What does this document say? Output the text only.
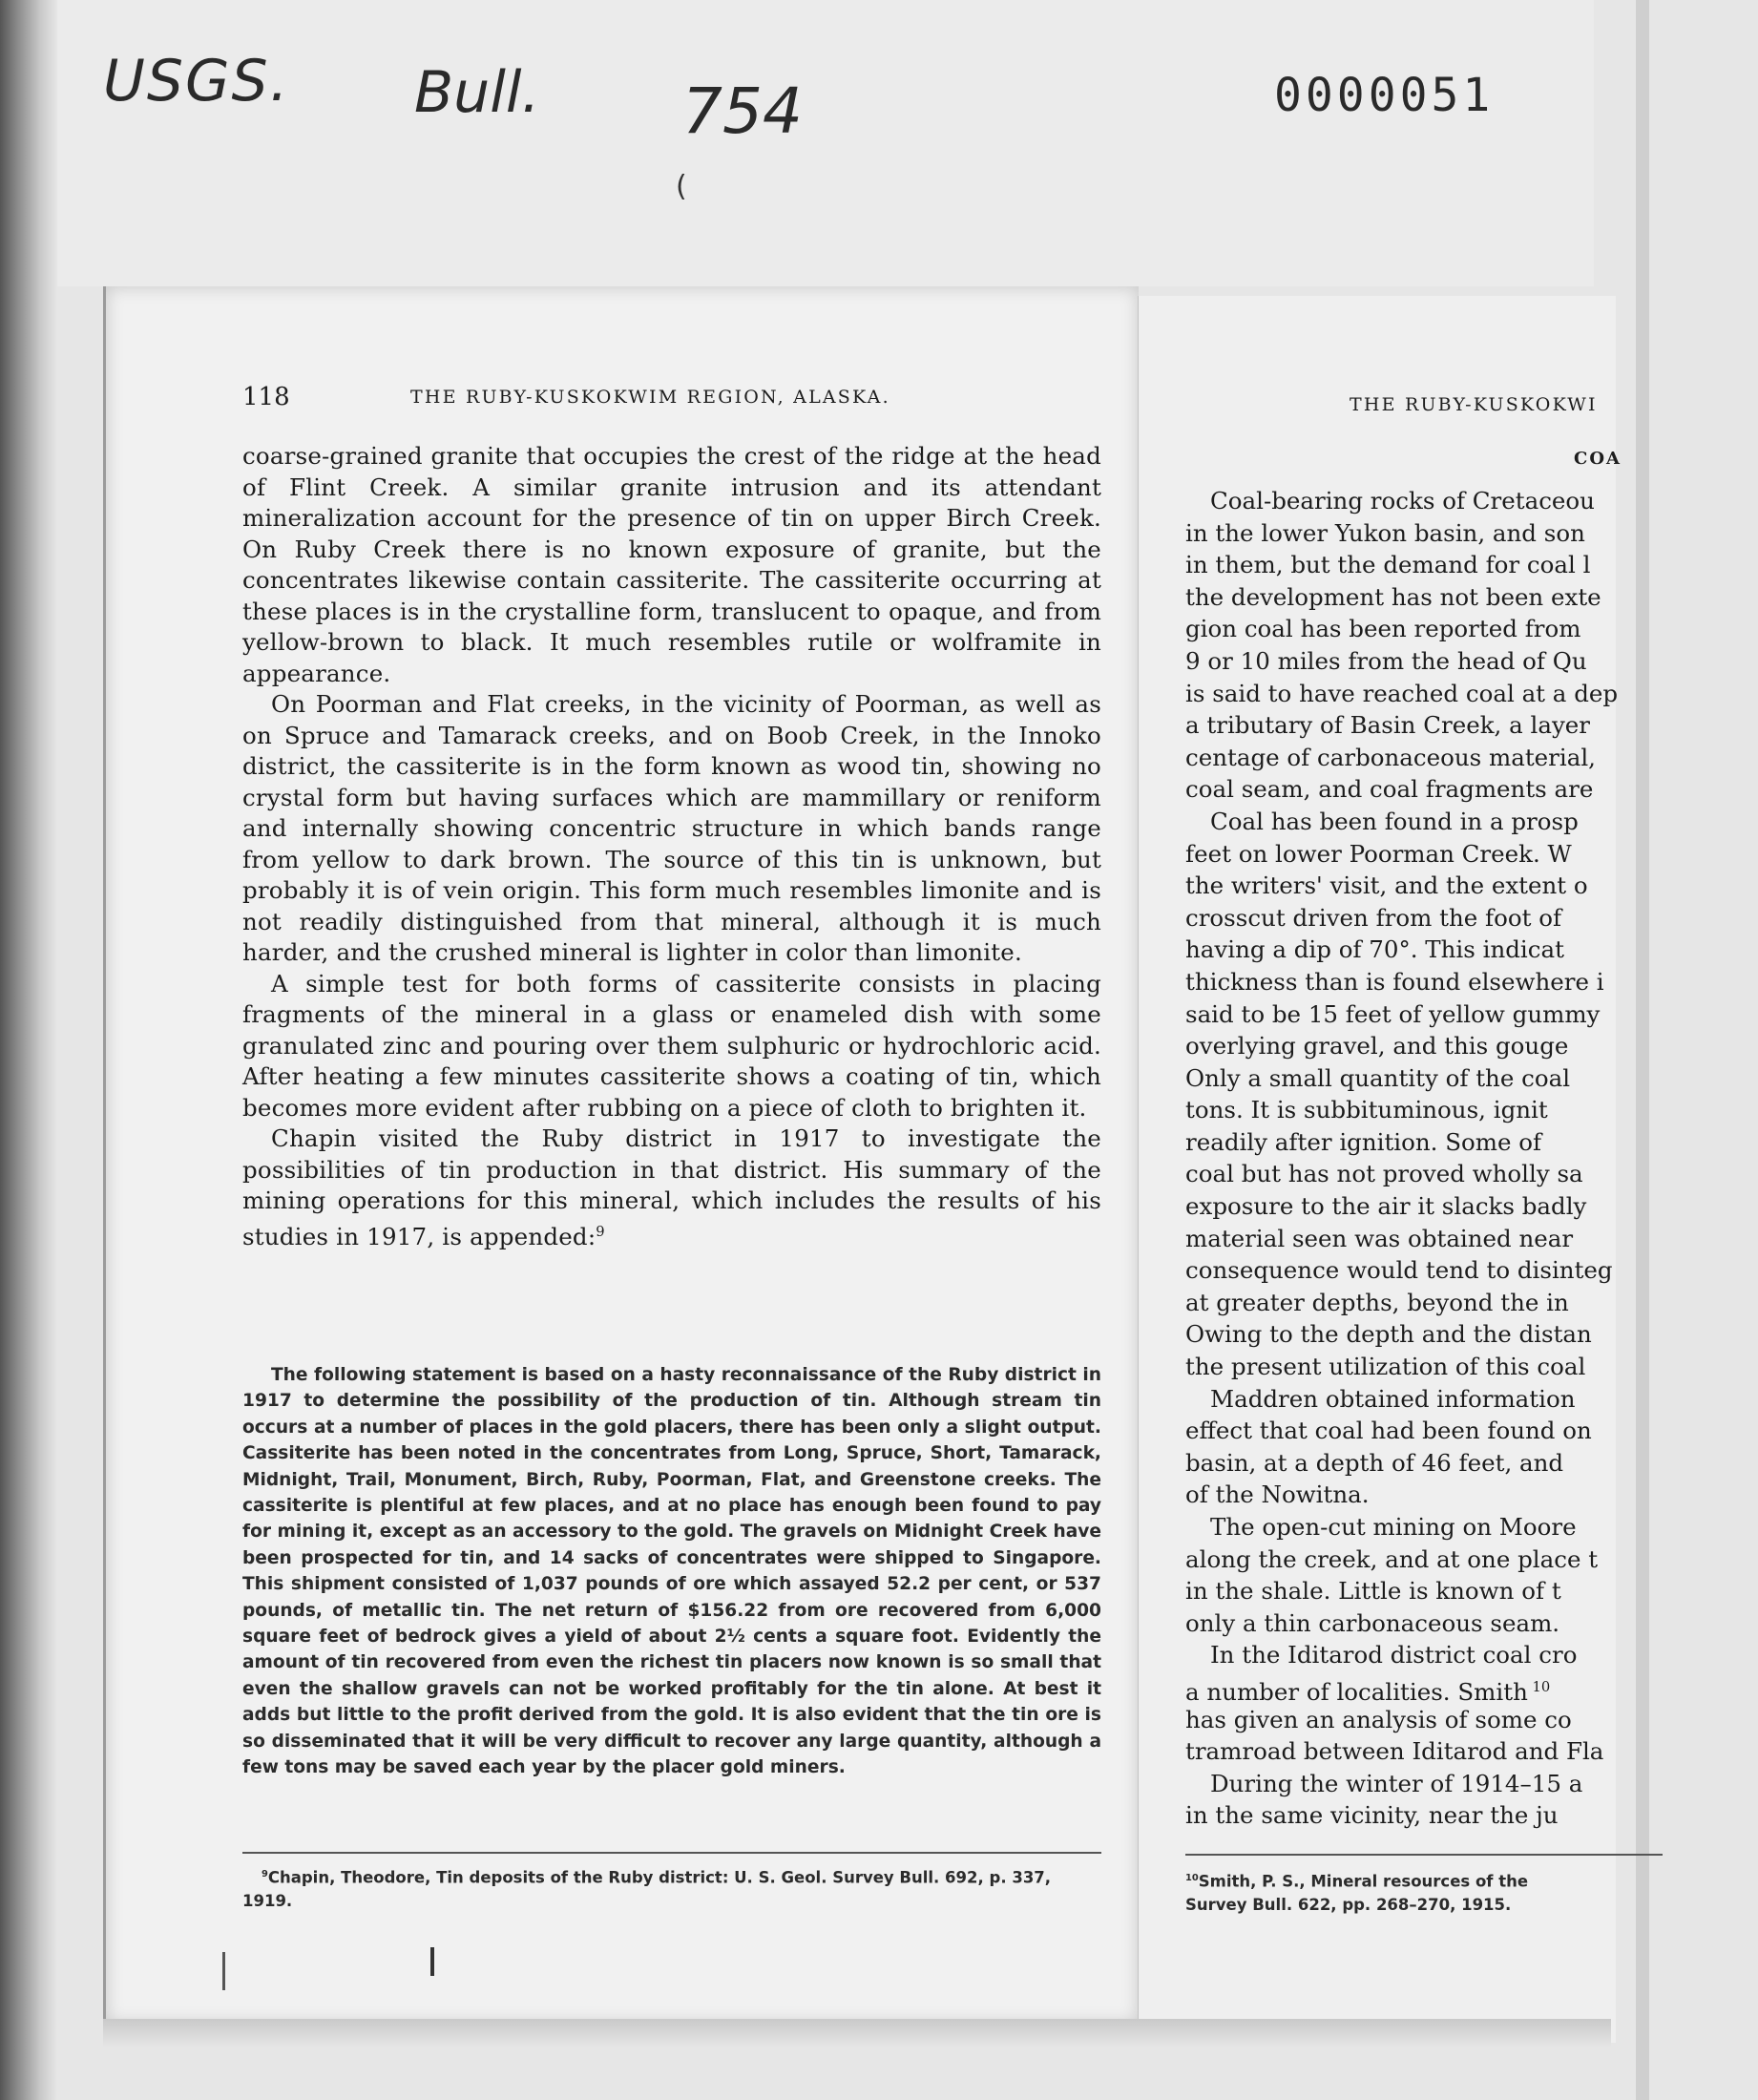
USGS. Bull. 754	0000051
(
118	THE RUBY-KUSKOKWIM REGION, ALASKA.

coarse-grained granite that occupies the crest of the ridge at the head of Flint Creek. A similar granite intrusion and its attendant mineralization account for the presence of tin on upper Birch Creek. On Ruby Creek there is no known exposure of granite, but the concentrates likewise contain cassiterite. The cassiterite occurring at these places is in the crystalline form, translucent to opaque, and from yellow-brown to black. It much resembles rutile or wolframite in appearance.

On Poorman and Flat creeks, in the vicinity of Poorman, as well as on Spruce and Tamarack creeks, and on Boob Creek, in the Innoko district, the cassiterite is in the form known as wood tin, showing no crystal form but having surfaces which are mammillary or reniform and internally showing concentric structure in which bands range from yellow to dark brown. The source of this tin is unknown, but probably it is of vein origin. This form much resembles limonite and is not readily distinguished from that mineral, although it is much harder, and the crushed mineral is lighter in color than limonite.

A simple test for both forms of cassiterite consists in placing fragments of the mineral in a glass or enameled dish with some granulated zinc and pouring over them sulphuric or hydrochloric acid. After heating a few minutes cassiterite shows a coating of tin, which becomes more evident after rubbing on a piece of cloth to brighten it.

Chapin visited the Ruby district in 1917 to investigate the possibilities of tin production in that district. His summary of the mining operations for this mineral, which includes the results of his studies in 1917, is appended:$^9$

The following statement is based on a hasty reconnaissance of the Ruby district in 1917 to determine the possibility of the production of tin. Although stream tin occurs at a number of places in the gold placers, there has been only a slight output. Cassiterite has been noted in the concentrates from Long, Spruce, Short, Tamarack, Midnight, Trail, Monument, Birch, Ruby, Poorman, Flat, and Greenstone creeks. The cassiterite is plentiful at few places, and at no place has enough been found to pay for mining it, except as an accessory to the gold. The gravels on Midnight Creek have been prospected for tin, and 14 sacks of concentrates were shipped to Singapore. This shipment consisted of 1,037 pounds of ore which assayed 52.2 per cent, or 537 pounds, of metallic tin. The net return of $156.22 from ore recovered from 6,000 square feet of bedrock gives a yield of about 2½ cents a square foot. Evidently the amount of tin recovered from even the richest tin placers now known is so small that even the shallow gravels can not be worked profitably for the tin alone. At best it adds but little to the profit derived from the gold. It is also evident that the tin ore is so disseminated that it will be very difficult to recover any large quantity, although a few tons may be saved each year by the placer gold miners.

$^9$Chapin, Theodore, Tin deposits of the Ruby district: U. S. Geol. Survey Bull. 692, p. 337, 1919.

THE RUBY-KUSKOKWI
COA
Coal-bearing rocks of Cretaceou
in the lower Yukon basin, and son
in them, but the demand for coal l
the development has not been exte
gion coal has been reported from
9 or 10 miles from the head of Qu
is said to have reached coal at a dep
a tributary of Basin Creek, a layer
centage of carbonaceous material,
coal seam, and coal fragments are
Coal has been found in a prosp
feet on lower Poorman Creek. W
the writers' visit, and the extent o
crosscut driven from the foot of
having a dip of 70°. This indicat
thickness than is found elsewhere i
said to be 15 feet of yellow gummy
overlying gravel, and this gouge
Only a small quantity of the coal
tons. It is subbituminous, ignit
readily after ignition. Some of
coal but has not proved wholly sa
exposure to the air it slacks badly
material seen was obtained near
consequence would tend to disinteg
at greater depths, beyond the in
Owing to the depth and the distan
the present utilization of this coal
Maddren obtained information
effect that coal had been found on
basin, at a depth of 46 feet, and
of the Nowitna.
The open-cut mining on Moore
along the creek, and at one place t
in the shale. Little is known of t
only a thin carbonaceous seam.
In the Iditarod district coal cro
a number of localities. Smith $^{10}$
has given an analysis of some co
tramroad between Iditarod and Fla
During the winter of 1914–15 a
in the same vicinity, near the ju
$^{10}$Smith, P. S., Mineral resources of the
Survey Bull. 622, pp. 268–270, 1915.
